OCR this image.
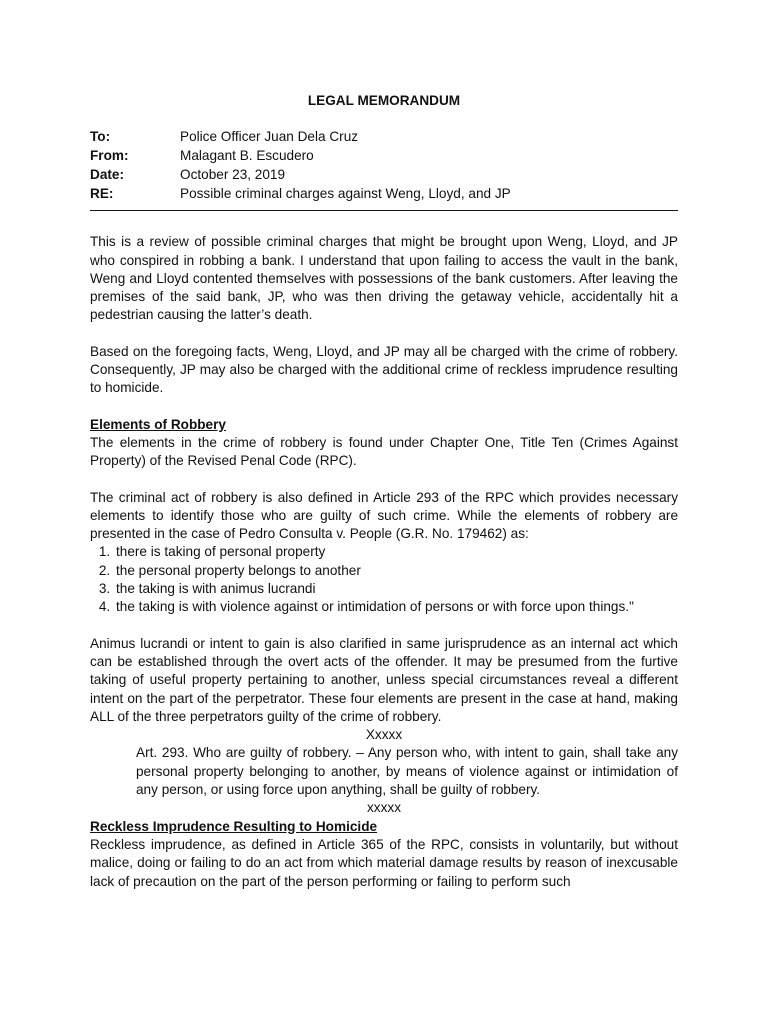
LEGAL MEMORANDUM
To:	Police Officer Juan Dela Cruz
From:	Malagant B. Escudero
Date:	October 23, 2019
RE:	Possible criminal charges against Weng, Lloyd, and JP

This is a review of possible criminal charges that might be brought upon Weng, Lloyd, and JP who conspired in robbing a bank. I understand that upon failing to access the vault in the bank, Weng and Lloyd contented themselves with possessions of the bank customers. After leaving the premises of the said bank, JP, who was then driving the getaway vehicle, accidentally hit a pedestrian causing the latter’s death.

Based on the foregoing facts, Weng, Lloyd, and JP may all be charged with the crime of robbery. Consequently, JP may also be charged with the additional crime of reckless imprudence resulting to homicide.

Elements of Robbery

The elements in the crime of robbery is found under Chapter One, Title Ten (Crimes Against Property) of the Revised Penal Code (RPC).

The criminal act of robbery is also defined in Article 293 of the RPC which provides necessary elements to identify those who are guilty of such crime. While the elements of robbery are presented in the case of Pedro Consulta v. People (G.R. No. 179462) as:

1. there is taking of personal property
2. the personal property belongs to another
3. the taking is with animus lucrandi
4. the taking is with violence against or intimidation of persons or with force upon things."

Animus lucrandi or intent to gain is also clarified in same jurisprudence as an internal act which can be established through the overt acts of the offender. It may be presumed from the furtive taking of useful property pertaining to another, unless special circumstances reveal a different intent on the part of the perpetrator. These four elements are present in the case at hand, making ALL of the three perpetrators guilty of the crime of robbery.

Xxxxx
Art. 293. Who are guilty of robbery. – Any person who, with intent to gain, shall take any personal property belonging to another, by means of violence against or intimidation of any person, or using force upon anything, shall be guilty of robbery.
xxxxx
Reckless Imprudence Resulting to Homicide

Reckless imprudence, as defined in Article 365 of the RPC, consists in voluntarily, but without malice, doing or failing to do an act from which material damage results by reason of inexcusable lack of precaution on the part of the person performing or failing to perform such
